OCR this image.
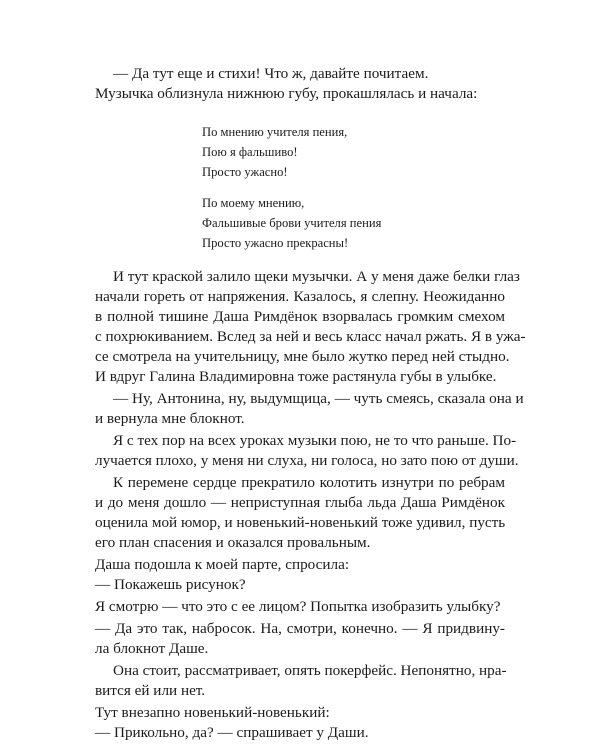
— Да тут еще и стихи! Что ж, давайте почитаем.
Музычка облизнула нижнюю губу, прокашлялась и начала:
По мнению учителя пения,
Пою я фальшиво!
Просто ужасно!
По моему мнению,
Фальшивые брови учителя пения
Просто ужасно прекрасны!
И тут краской залило щеки музычки. А у меня даже белки глаз
начали гореть от напряжения. Казалось, я слепну. Неожиданно
в полной тишине Даша Римдёнок взорвалась громким смехом
с похрюкиванием. Вслед за ней и весь класс начал ржать. Я в ужа-
се смотрела на учительницу, мне было жутко перед ней стыдно.
И вдруг Галина Владимировна тоже растянула губы в улыбке.
— Ну, Антонина, ну, выдумщица, — чуть смеясь, сказала она и
и вернула мне блокнот.
Я с тех пор на всех уроках музыки пою, не то что раньше. По-
лучается плохо, у меня ни слуха, ни голоса, но зато пою от души.
К перемене сердце прекратило колотить изнутри по ребрам
и до меня дошло — неприступная глыба льда Даша Римдёнок
оценила мой юмор, и новенький-новенький тоже удивил, пусть
его план спасения и оказался провальным.
Даша подошла к моей парте, спросила:
— Покажешь рисунок?
Я смотрю — что это с ее лицом? Попытка изобразить улыбку?
— Да это так, набросок. На, смотри, конечно. — Я придвину-
ла блокнот Даше.
Она стоит, рассматривает, опять покерфейс. Непонятно, нра-
вится ей или нет.
Тут внезапно новенький-новенький:
— Прикольно, да? — спрашивает у Даши.
